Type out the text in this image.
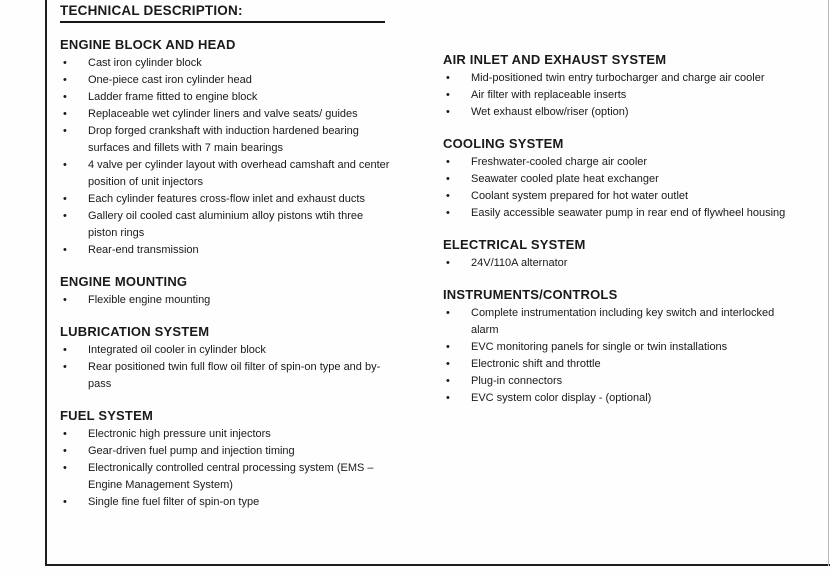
TECHNICAL DESCRIPTION:
ENGINE BLOCK AND HEAD
• Cast iron cylinder block
• One-piece cast iron cylinder head
• Ladder frame fitted to engine block
• Replaceable wet cylinder liners and valve seats/ guides
• Drop forged crankshaft with induction hardened bearing surfaces and fillets with 7 main bearings
• 4 valve per cylinder layout with overhead camshaft and center position of unit injectors
• Each cylinder features cross-flow inlet and exhaust ducts
• Gallery oil cooled cast aluminium alloy pistons wtih three piston rings
• Rear-end transmission
ENGINE MOUNTING
• Flexible engine mounting
LUBRICATION SYSTEM
• Integrated oil cooler in cylinder block
• Rear positioned twin full flow oil filter of spin-on type and by-pass
FUEL SYSTEM
• Electronic high pressure unit injectors
• Gear-driven fuel pump and injection timing
• Electronically controlled central processing system (EMS – Engine Management System)
• Single fine fuel filter of spin-on type
AIR INLET AND EXHAUST SYSTEM
• Mid-positioned twin entry turbocharger and charge air cooler
• Air filter with replaceable inserts
• Wet exhaust elbow/riser (option)
COOLING SYSTEM
• Freshwater-cooled charge air cooler
• Seawater cooled plate heat exchanger
• Coolant system prepared for hot water outlet
• Easily accessible seawater pump in rear end of flywheel housing
ELECTRICAL SYSTEM
• 24V/110A alternator
INSTRUMENTS/CONTROLS
• Complete instrumentation including key switch and interlocked alarm
• EVC monitoring panels for single or twin installations
• Electronic shift and throttle
• Plug-in connectors
• EVC system color display - (optional)
